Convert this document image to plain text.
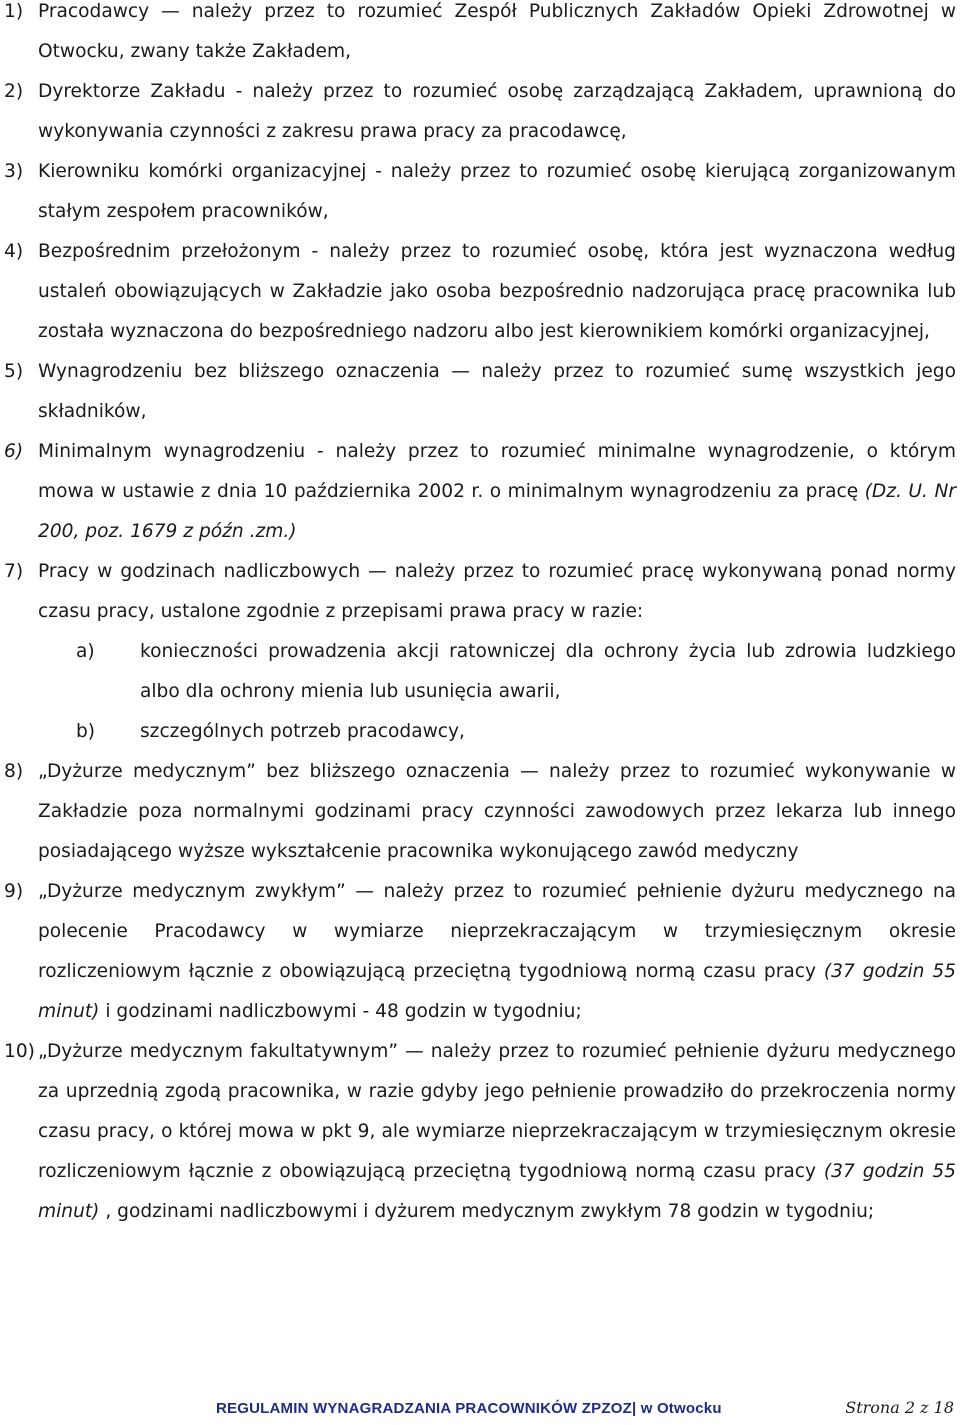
1) Pracodawcy — należy przez to rozumieć Zespół Publicznych Zakładów Opieki Zdrowotnej w Otwocku, zwany także Zakładem,

2) Dyrektorze Zakładu - należy przez to rozumieć osobę zarządzającą Zakładem, uprawnioną do wykonywania czynności z zakresu prawa pracy za pracodawcę,

3) Kierowniku komórki organizacyjnej - należy przez to rozumieć osobę kierującą zorganizowanym stałym zespołem pracowników,

4) Bezpośrednim przełożonym - należy przez to rozumieć osobę, która jest wyznaczona według ustaleń obowiązujących w Zakładzie jako osoba bezpośrednio nadzorująca pracę pracownika lub została wyznaczona do bezpośredniego nadzoru albo jest kierownikiem komórki organizacyjnej,

5) Wynagrodzeniu bez bliższego oznaczenia — należy przez to rozumieć sumę wszystkich jego składników,

6) Minimalnym wynagrodzeniu - należy przez to rozumieć minimalne wynagrodzenie, o którym mowa w ustawie z dnia 10 października 2002 r. o minimalnym wynagrodzeniu za pracę (Dz. U. Nr 200, poz. 1679 z późn .zm.)

7) Pracy w godzinach nadliczbowych — należy przez to rozumieć pracę wykonywaną ponad normy czasu pracy, ustalone zgodnie z przepisami prawa pracy w razie:

a) konieczności prowadzenia akcji ratowniczej dla ochrony życia lub zdrowia ludzkiego albo dla ochrony mienia lub usunięcia awarii,

b) szczególnych potrzeb pracodawcy,

8) „Dyżurze medycznym” bez bliższego oznaczenia — należy przez to rozumieć wykonywanie w Zakładzie poza normalnymi godzinami pracy czynności zawodowych przez lekarza lub innego posiadającego wyższe wykształcenie pracownika wykonującego zawód medyczny

9) „Dyżurze medycznym zwykłym” — należy przez to rozumieć pełnienie dyżuru medycznego na polecenie Pracodawcy w wymiarze nieprzekraczającym w trzymiesięcznym okresie rozliczeniowym łącznie z obowiązującą przeciętną tygodniową normą czasu pracy (37 godzin 55 minut) i godzinami nadliczbowymi - 48 godzin w tygodniu;

10) „Dyżurze medycznym fakultatywnym” — należy przez to rozumieć pełnienie dyżuru medycznego za uprzednią zgodą pracownika, w razie gdyby jego pełnienie prowadziło do przekroczenia normy czasu pracy, o której mowa w pkt 9, ale wymiarze nieprzekraczającym w trzymiesięcznym okresie rozliczeniowym łącznie z obowiązującą przeciętną tygodniową normą czasu pracy (37 godzin 55 minut) , godzinami nadliczbowymi i dyżurem medycznym zwykłym 78 godzin w tygodniu;

REGULAMIN WYNAGRADZANIA PRACOWNIKÓW ZPZOZ| w Otwocku	Strona 2 z 18
